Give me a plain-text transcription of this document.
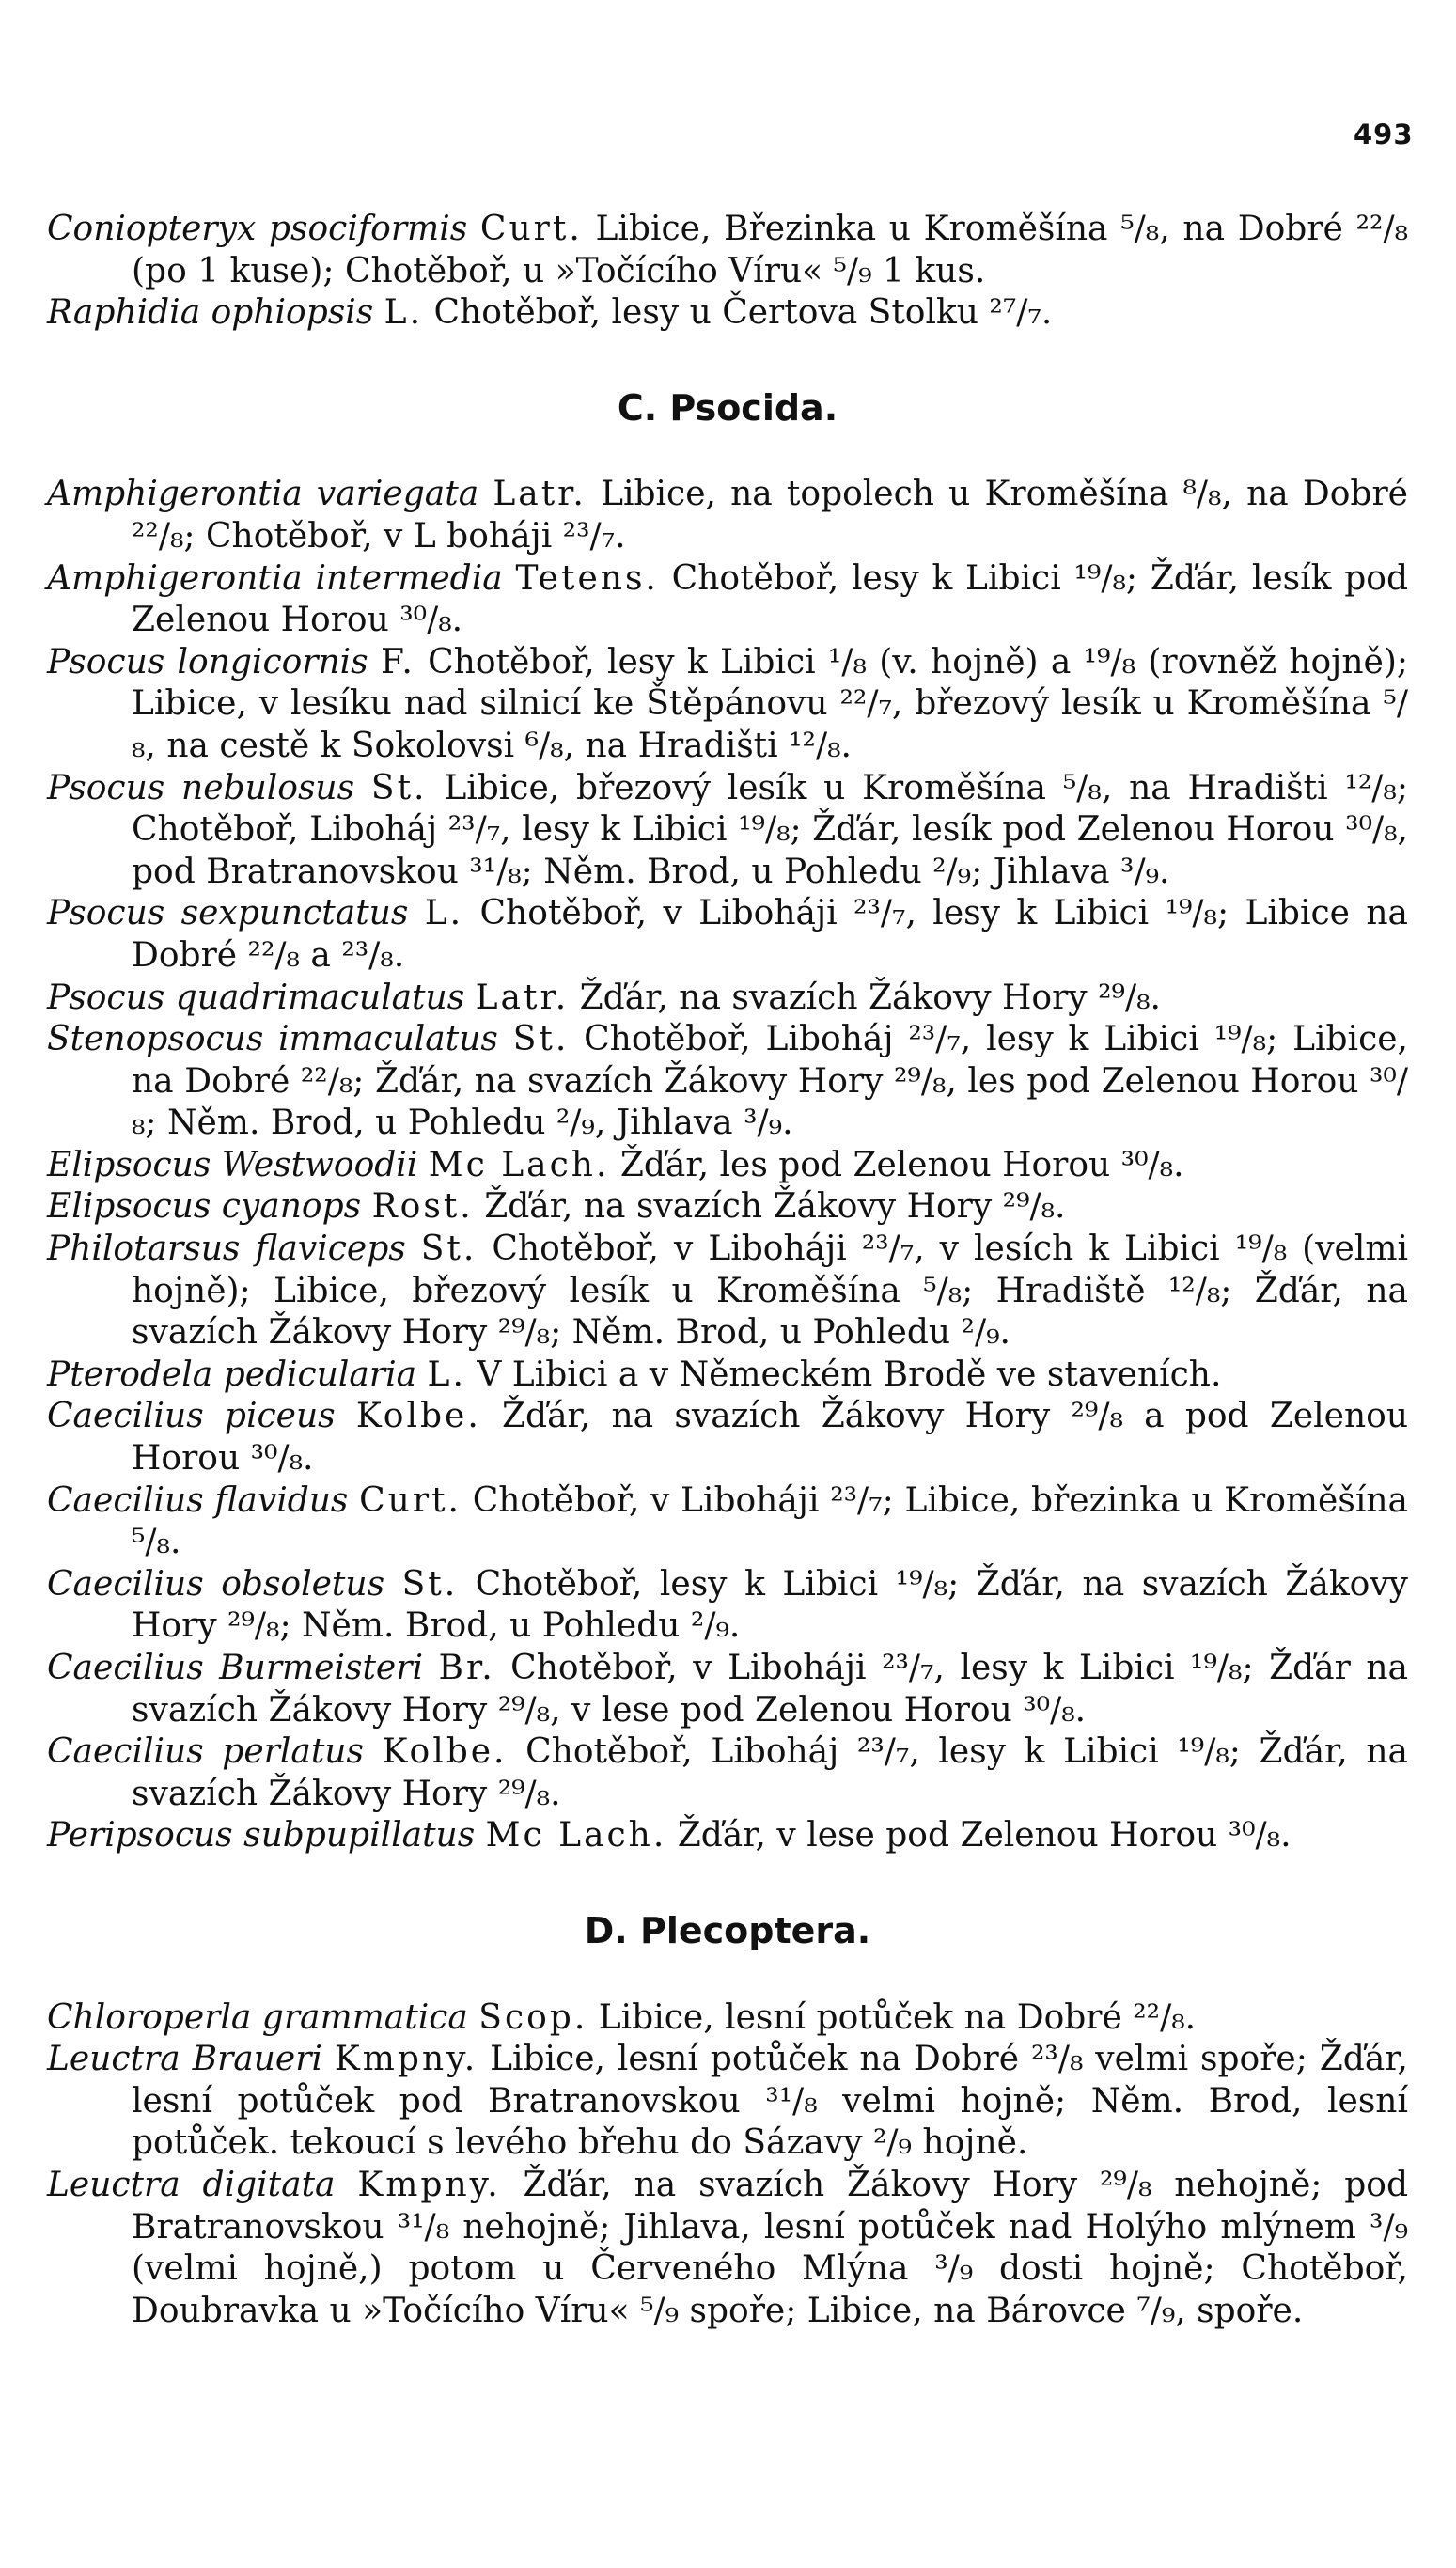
493

Coniopteryx psociformis Curt. Libice, Březinka u Kroměšína ⁵/₈, na Dobré ²²/₈ (po 1 kuse); Chotěboř, u »Točícího Víru« ⁵/₉ 1 kus.

Raphidia ophiopsis L. Chotěboř, lesy u Čertova Stolku ²⁷/₇.

C. Psocida.

Amphigerontia variegata Latr. Libice, na topolech u Kroměšína ⁸/₈, na Dobré ²²/₈; Chotěboř, v L boháji ²³/₇.

Amphigerontia intermedia Tetens. Chotěboř, lesy k Libici ¹⁹/₈; Žďár, lesík pod Zelenou Horou ³⁰/₈.

Psocus longicornis F. Chotěboř, lesy k Libici ¹/₈ (v. hojně) a ¹⁹/₈ (rovněž hojně); Libice, v lesíku nad silnicí ke Štěpánovu ²²/₇, březový lesík u Kroměšína ⁵/₈, na cestě k Sokolovsi ⁶/₈, na Hradišti ¹²/₈.

Psocus nebulosus St. Libice, březový lesík u Kroměšína ⁵/₈, na Hradišti ¹²/₈; Chotěboř, Liboháj ²³/₇, lesy k Libici ¹⁹/₈; Žďár, lesík pod Zelenou Horou ³⁰/₈, pod Bratranovskou ³¹/₈; Něm. Brod, u Pohledu ²/₉; Jihlava ³/₉.

Psocus sexpunctatus L. Chotěboř, v Liboháji ²³/₇, lesy k Libici ¹⁹/₈; Libice na Dobré ²²/₈ a ²³/₈.

Psocus quadrimaculatus Latr. Žďár, na svazích Žákovy Hory ²⁹/₈.

Stenopsocus immaculatus St. Chotěboř, Liboháj ²³/₇, lesy k Libici ¹⁹/₈; Libice, na Dobré ²²/₈; Žďár, na svazích Žákovy Hory ²⁹/₈, les pod Zelenou Horou ³⁰/₈; Něm. Brod, u Pohledu ²/₉, Jihlava ³/₉.

Elipsocus Westwoodii Mc Lach. Žďár, les pod Zelenou Horou ³⁰/₈.

Elipsocus cyanops Rost. Žďár, na svazích Žákovy Hory ²⁹/₈.

Philotarsus flaviceps St. Chotěboř, v Liboháji ²³/₇, v lesích k Libici ¹⁹/₈ (velmi hojně); Libice, březový lesík u Kroměšína ⁵/₈; Hradiště ¹²/₈; Žďár, na svazích Žákovy Hory ²⁹/₈; Něm. Brod, u Pohledu ²/₉.

Pterodela pedicularia L. V Libici a v Německém Brodě ve staveních.

Caecilius piceus Kolbe. Žďár, na svazích Žákovy Hory ²⁹/₈ a pod Zelenou Horou ³⁰/₈.

Caecilius flavidus Curt. Chotěboř, v Liboháji ²³/₇; Libice, březinka u Kroměšína ⁵/₈.

Caecilius obsoletus St. Chotěboř, lesy k Libici ¹⁹/₈; Žďár, na svazích Žákovy Hory ²⁹/₈; Něm. Brod, u Pohledu ²/₉.

Caecilius Burmeisteri Br. Chotěboř, v Liboháji ²³/₇, lesy k Libici ¹⁹/₈; Žďár na svazích Žákovy Hory ²⁹/₈, v lese pod Zelenou Horou ³⁰/₈.

Caecilius perlatus Kolbe. Chotěboř, Liboháj ²³/₇, lesy k Libici ¹⁹/₈; Žďár, na svazích Žákovy Hory ²⁹/₈.

Peripsocus subpupillatus Mc Lach. Žďár, v lese pod Zelenou Horou ³⁰/₈.

D. Plecoptera.

Chloroperla grammatica Scop. Libice, lesní potůček na Dobré ²²/₈.

Leuctra Braueri Kmpny. Libice, lesní potůček na Dobré ²³/₈ velmi spoře; Žďár, lesní potůček pod Bratranovskou ³¹/₈ velmi hojně; Něm. Brod, lesní potůček. tekoucí s levého břehu do Sázavy ²/₉ hojně.

Leuctra digitata Kmpny. Žďár, na svazích Žákovy Hory ²⁹/₈ nehojně; pod Bratranovskou ³¹/₈ nehojně; Jihlava, lesní potůček nad Holýho mlýnem ³/₉ (velmi hojně,) potom u Červeného Mlýna ³/₉ dosti hojně; Chotěboř, Doubravka u »Točícího Víru« ⁵/₉ spoře; Libice, na Bárovce ⁷/₉, spoře.
